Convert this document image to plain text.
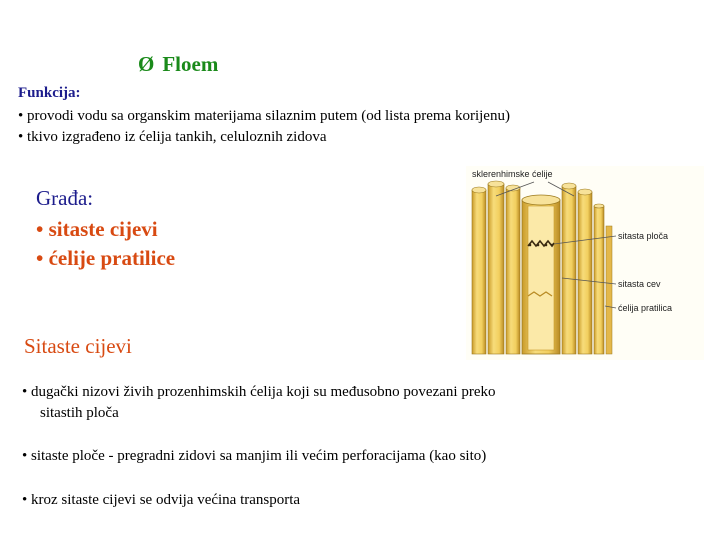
Ø Floem
Funkcija:
• provodi vodu sa organskim materijama silaznim putem (od lista prema korijenu)
• tkivo izgrađeno iz ćelija tankih, celuloznih zidova
Građa:
• sitaste cijevi
• ćelije pratilice
sklerenhimske ćelije
sitasta ploča
sitasta cev
ćelija pratilica
Sitaste cijevi
• dugački nizovi živih prozenhimskih ćelija koji su međusobno povezani preko
sitastih ploča
• sitaste ploče - pregradni zidovi sa manjim ili većim perforacijama (kao sito)
• kroz sitaste cijevi se odvija većina transporta
